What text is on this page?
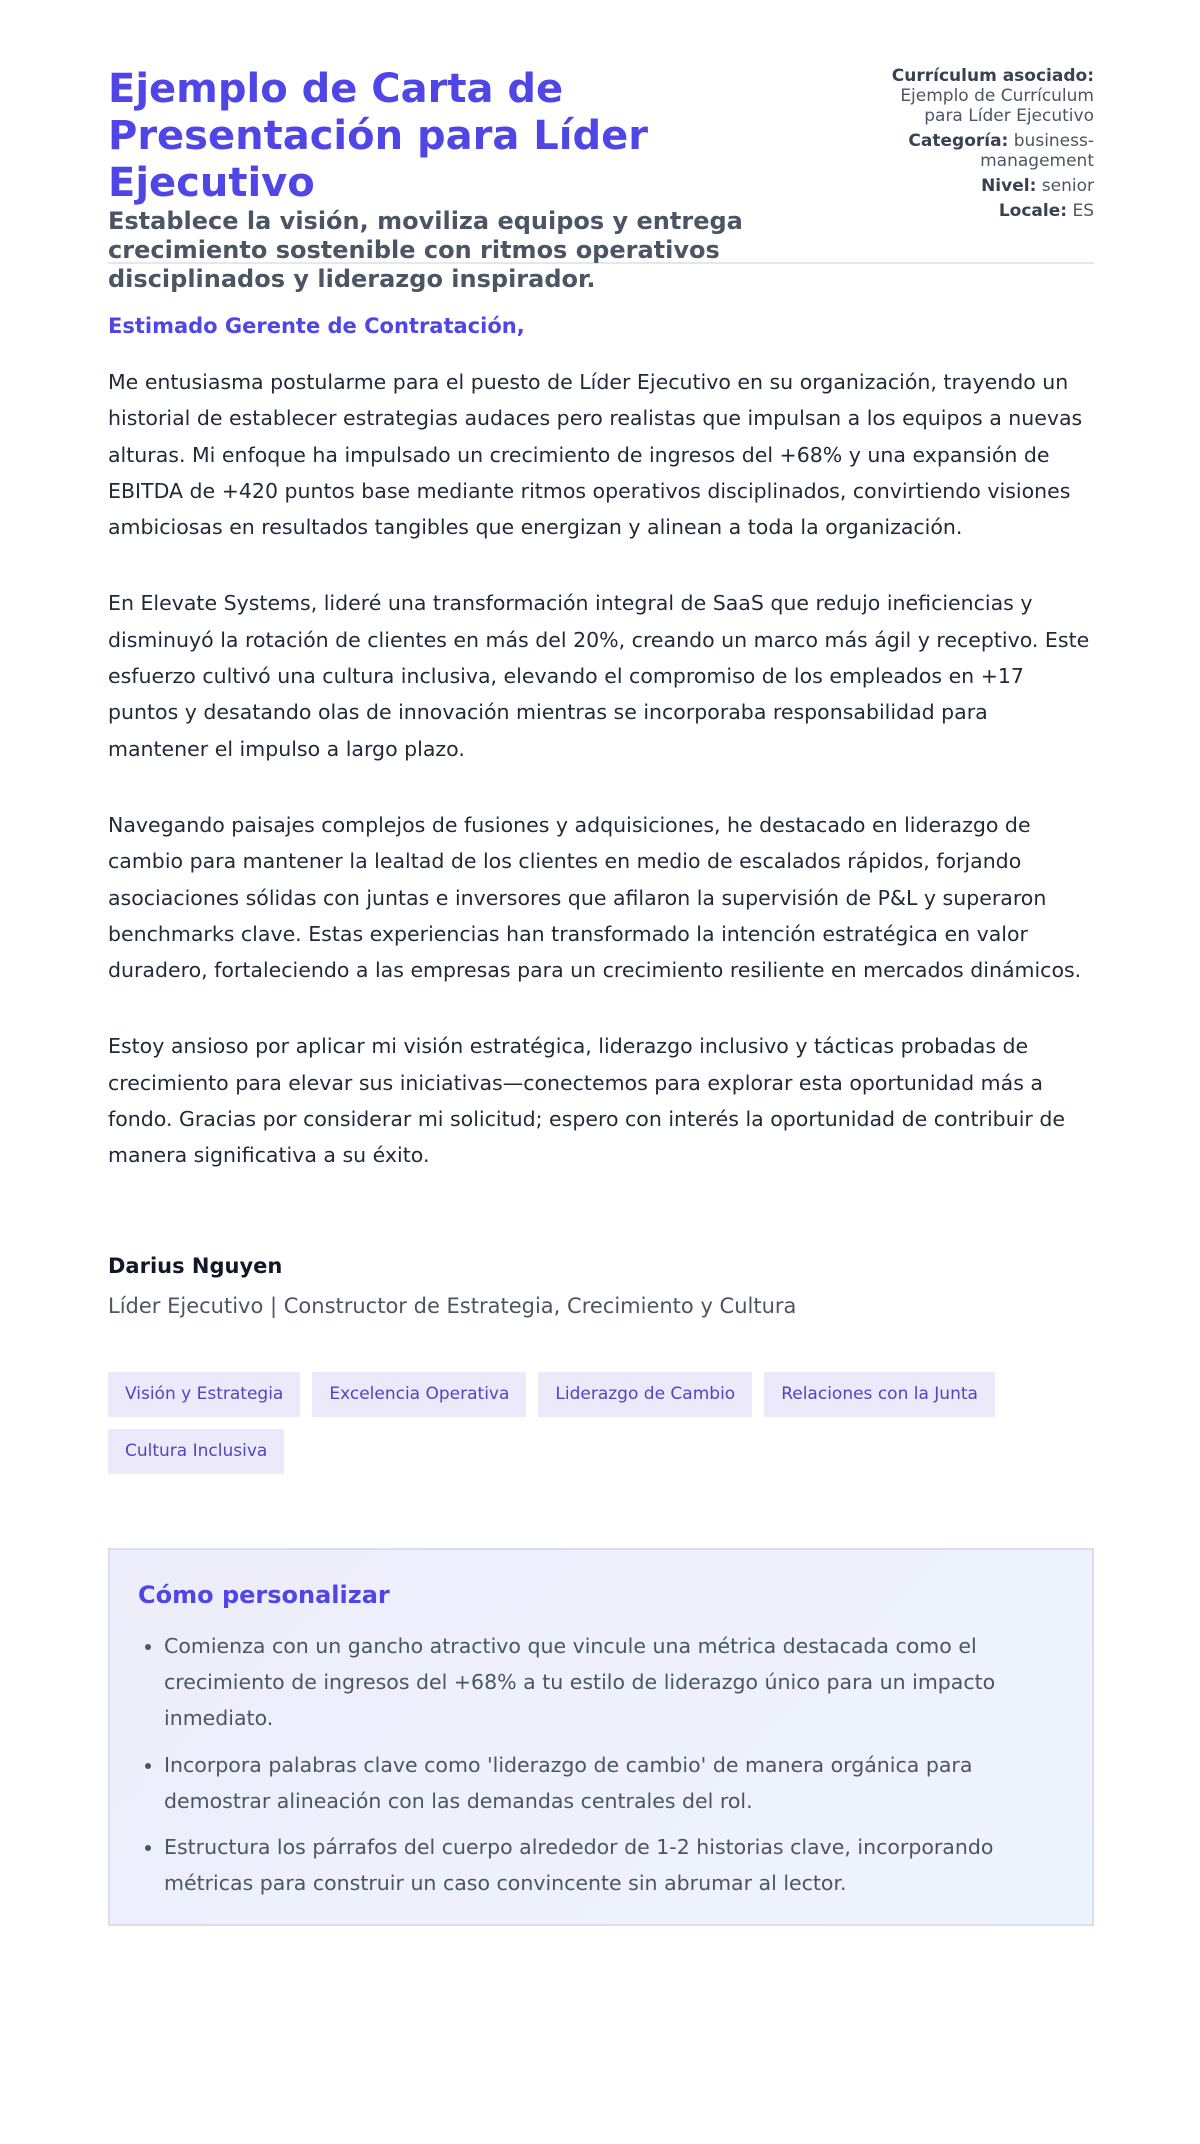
Ejemplo de Carta de Presentación para Líder Ejecutivo
Establece la visión, moviliza equipos y entrega crecimiento sostenible con ritmos operativos disciplinados y liderazgo inspirador.
Currículum asociado: Ejemplo de Currículum para Líder Ejecutivo
Categoría: business-management
Nivel: senior
Locale: ES

Estimado Gerente de Contratación,

Me entusiasma postularme para el puesto de Líder Ejecutivo en su organización, trayendo un historial de establecer estrategias audaces pero realistas que impulsan a los equipos a nuevas alturas. Mi enfoque ha impulsado un crecimiento de ingresos del +68% y una expansión de EBITDA de +420 puntos base mediante ritmos operativos disciplinados, convirtiendo visiones ambiciosas en resultados tangibles que energizan y alinean a toda la organización.

En Elevate Systems, lideré una transformación integral de SaaS que redujo ineficiencias y disminuyó la rotación de clientes en más del 20%, creando un marco más ágil y receptivo. Este esfuerzo cultivó una cultura inclusiva, elevando el compromiso de los empleados en +17 puntos y desatando olas de innovación mientras se incorporaba responsabilidad para mantener el impulso a largo plazo.

Navegando paisajes complejos de fusiones y adquisiciones, he destacado en liderazgo de cambio para mantener la lealtad de los clientes en medio de escalados rápidos, forjando asociaciones sólidas con juntas e inversores que afilaron la supervisión de P&L y superaron benchmarks clave. Estas experiencias han transformado la intención estratégica en valor duradero, fortaleciendo a las empresas para un crecimiento resiliente en mercados dinámicos.

Estoy ansioso por aplicar mi visión estratégica, liderazgo inclusivo y tácticas probadas de crecimiento para elevar sus iniciativas—conectemos para explorar esta oportunidad más a fondo. Gracias por considerar mi solicitud; espero con interés la oportunidad de contribuir de manera significativa a su éxito.

Darius Nguyen
Líder Ejecutivo | Constructor de Estrategia, Crecimiento y Cultura
Visión y Estrategia	Excelencia Operativa	Liderazgo de Cambio	Relaciones con la Junta
Cultura Inclusiva
Cómo personalizar
• Comienza con un gancho atractivo que vincule una métrica destacada como el crecimiento de ingresos del +68% a tu estilo de liderazgo único para un impacto inmediato.
• Incorpora palabras clave como 'liderazgo de cambio' de manera orgánica para demostrar alineación con las demandas centrales del rol.
• Estructura los párrafos del cuerpo alrededor de 1-2 historias clave, incorporando métricas para construir un caso convincente sin abrumar al lector.
